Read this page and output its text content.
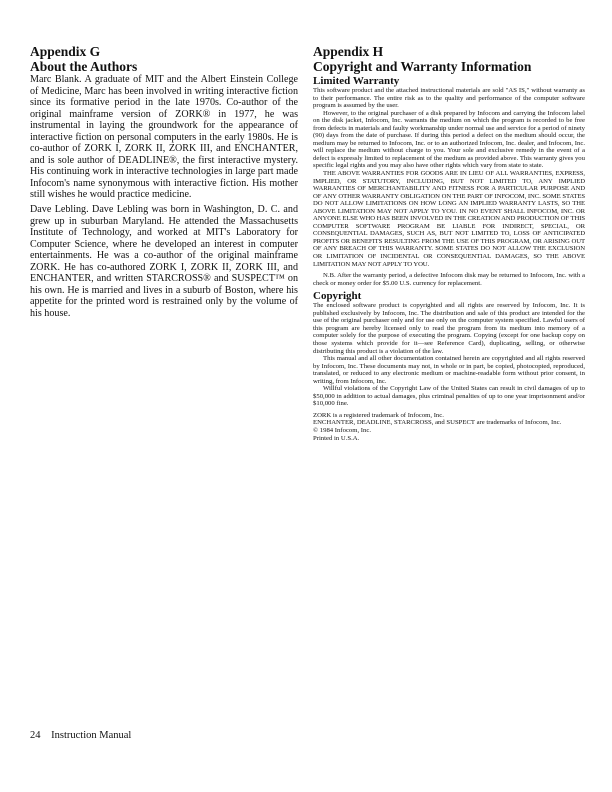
Appendix G
About the Authors

Marc Blank. A graduate of MIT and the Albert Einstein College of Medicine, Marc has been involved in writing interactive fiction since its formative period in the late 1970s. Co-author of the original mainframe version of ZORK® in 1977, he was instrumental in laying the groundwork for the appearance of interactive fiction on personal computers in the early 1980s. He is co-author of ZORK I, ZORK II, ZORK III, and ENCHANTER, and is sole author of DEADLINE®, the first interactive mystery. His continuing work in interactive technologies in large part made Infocom's name synonymous with interactive fiction. His mother still wishes he would practice medicine.

Dave Lebling. Dave Lebling was born in Washington, D. C. and grew up in suburban Maryland. He attended the Massachusetts Institute of Technology, and worked at MIT's Laboratory for Computer Science, where he developed an interest in computer entertainments. He was a co-author of the original mainframe ZORK. He has co-authored ZORK I, ZORK II, ZORK III, and ENCHANTER, and written STARCROSS® and SUSPECT™ on his own. He is married and lives in a suburb of Boston, where his appetite for the printed word is restrained only by the volume of his house.

Appendix H
Copyright and Warranty Information
Limited Warranty

This software product and the attached instructional materials are sold "AS IS," without warranty as to their performance. The entire risk as to the quality and performance of the computer software program is assumed by the user.

However, to the original purchaser of a disk prepared by Infocom and carrying the Infocom label on the disk jacket, Infocom, Inc. warrants the medium on which the program is recorded to be free from defects in materials and faulty workmanship under normal use and service for a period of ninety (90) days from the date of purchase. If during this period a defect on the medium should occur, the medium may be returned to Infocom, Inc. or to an authorized Infocom, Inc. dealer, and Infocom, Inc. will replace the medium without charge to you. Your sole and exclusive remedy in the event of a defect is expressly limited to replacement of the medium as provided above. This warranty gives you specific legal rights and you may also have other rights which vary from state to state.

THE ABOVE WARRANTIES FOR GOODS ARE IN LIEU OF ALL WARRANTIES, EXPRESS, IMPLIED, OR STATUTORY, INCLUDING, BUT NOT LIMITED TO, ANY IMPLIED WARRANTIES OF MERCHANTABILITY AND FITNESS FOR A PARTICULAR PURPOSE AND OF ANY OTHER WARRANTY OBLIGATION ON THE PART OF INFOCOM, INC. SOME STATES DO NOT ALLOW LIMITATIONS ON HOW LONG AN IMPLIED WARRANTY LASTS, SO THE ABOVE LIMITATION MAY NOT APPLY TO YOU. IN NO EVENT SHALL INFOCOM, INC. OR ANYONE ELSE WHO HAS BEEN INVOLVED IN THE CREATION AND PRODUCTION OF THIS COMPUTER SOFTWARE PROGRAM BE LIABLE FOR INDIRECT, SPECIAL, OR CONSEQUENTIAL DAMAGES, SUCH AS, BUT NOT LIMITED TO, LOSS OF ANTICIPATED PROFITS OR BENEFITS RESULTING FROM THE USE OF THIS PROGRAM, OR ARISING OUT OF ANY BREACH OF THIS WARRANTY. SOME STATES DO NOT ALLOW THE EXCLUSION OR LIMITATION OF INCIDENTAL OR CONSEQUENTIAL DAMAGES, SO THE ABOVE LIMITATION MAY NOT APPLY TO YOU.

N.B. After the warranty period, a defective Infocom disk may be returned to Infocom, Inc. with a check or money order for $5.00 U.S. currency for replacement.

Copyright

The enclosed software product is copyrighted and all rights are reserved by Infocom, Inc. It is published exclusively by Infocom, Inc. The distribution and sale of this product are intended for the use of the original purchaser only and for use only on the computer system specified. Lawful users of this program are hereby licensed only to read the program from its medium into memory of a computer solely for the purpose of executing the program. Copying (except for one backup copy on those systems which provide for it—see Reference Card), duplicating, selling, or otherwise distributing this product is a violation of the law.

This manual and all other documentation contained herein are copyrighted and all rights reserved by Infocom, Inc. These documents may not, in whole or in part, be copied, photocopied, reproduced, translated, or reduced to any electronic medium or machine-readable form without prior consent, in writing, from Infocom, Inc.

Willful violations of the Copyright Law of the United States can result in civil damages of up to $50,000 in addition to actual damages, plus criminal penalties of up to one year imprisonment and/or $10,000 fine.

ZORK is a registered trademark of Infocom, Inc.

ENCHANTER, DEADLINE, STARCROSS, and SUSPECT are trademarks of Infocom, Inc.

© 1984 Infocom, Inc.

Printed in U.S.A.

24 Instruction Manual
